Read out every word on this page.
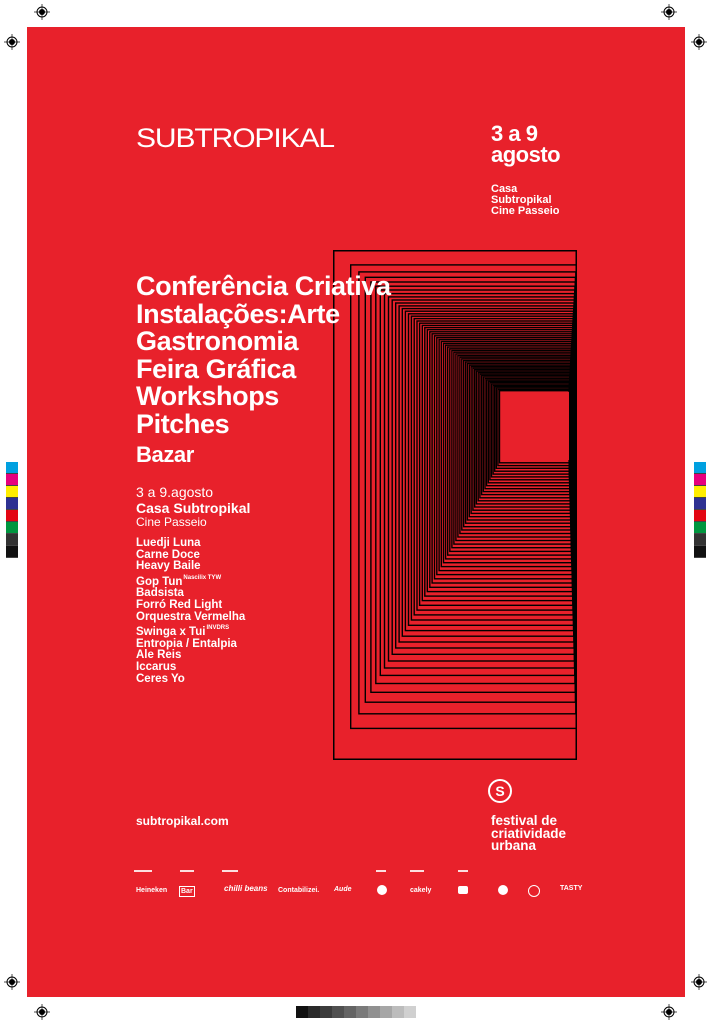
SUBTROPIKAL	3 a 9
agosto
Casa
Subtropikal
Cine Passeio
Conferência Criativa
Instalações:Arte
Gastronomia
Feira Gráfica
Workshops
Pitches
Bazar
3 a 9.agosto
Casa Subtropikal
Cine Passeio
Luedji Luna
Carne Doce
Heavy Baile
Gop Tun$^{Nascilix TYW}$
Badsista
Forró Red Light
Orquestra Vermelha
Swinga x Tui$^{INVDRS}$
Entropia / Entalpia
Ale Reis
Iccarus
Ceres Yo
subtropikal.com
S
festival de
criatividade
urbana
Heineken Bar	chilli beans Contabilizei. Aude	cakely	TASTY
